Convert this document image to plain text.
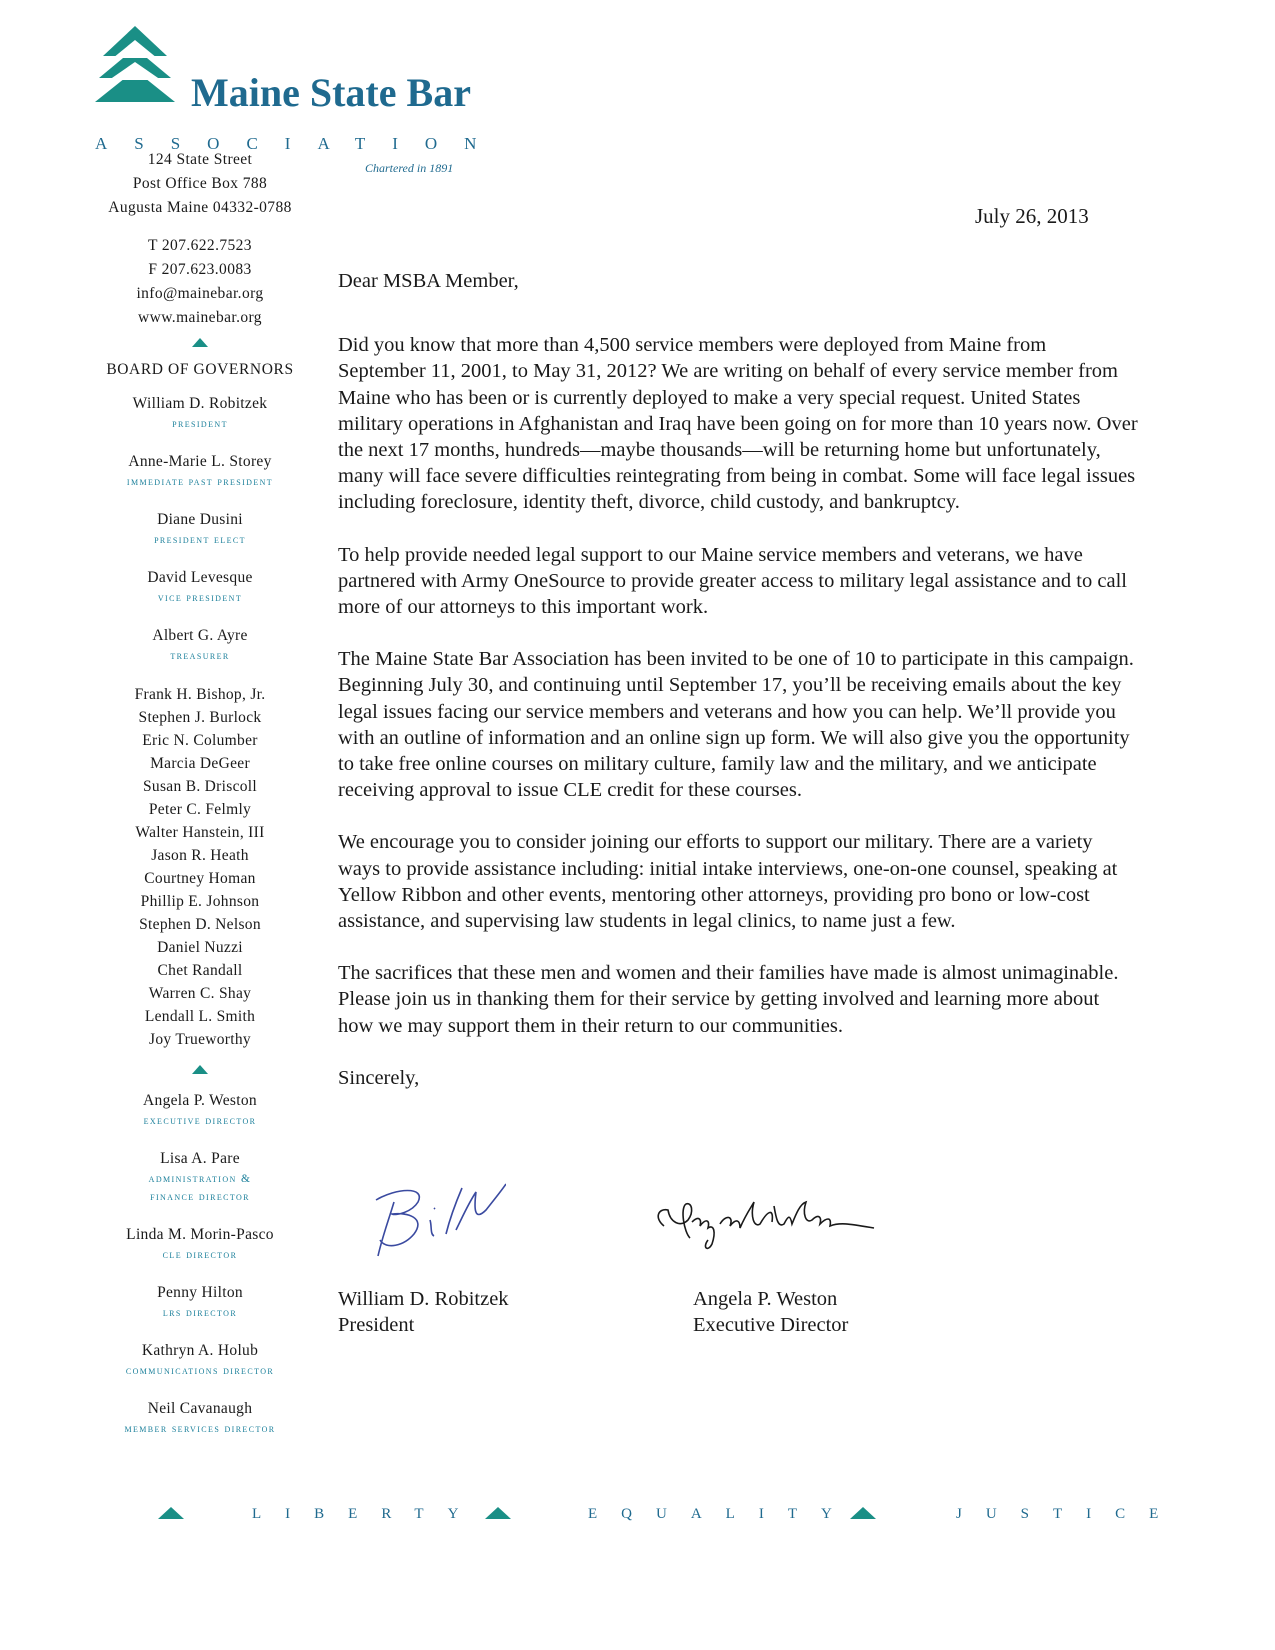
Maine State Bar
ASSOCIATION
Chartered in 1891
124 State Street
Post Office Box 788
Augusta Maine 04332-0788
T 207.622.7523
F 207.623.0083
info@mainebar.org
www.mainebar.org
BOARD OF GOVERNORS
William D. Robitzek
president
Anne-Marie L. Storey
immediate past president
Diane Dusini
president elect
David Levesque
vice president
Albert G. Ayre
treasurer
Frank H. Bishop, Jr.
Stephen J. Burlock
Eric N. Columber
Marcia DeGeer
Susan B. Driscoll
Peter C. Felmly
Walter Hanstein, III
Jason R. Heath
Courtney Homan
Phillip E. Johnson
Stephen D. Nelson
Daniel Nuzzi
Chet Randall
Warren C. Shay
Lendall L. Smith
Joy Trueworthy
Angela P. Weston
executive director
Lisa A. Pare
administration &
finance director
Linda M. Morin-Pasco
cle director
Penny Hilton
lrs director
Kathryn A. Holub
communications director
Neil Cavanaugh
member services director
July 26, 2013

Dear MSBA Member,

Did you know that more than 4,500 service members were deployed from Maine from September 11, 2001, to May 31, 2012? We are writing on behalf of every service member from Maine who has been or is currently deployed to make a very special request. United States military operations in Afghanistan and Iraq have been going on for more than 10 years now. Over the next 17 months, hundreds—maybe thousands—will be returning home but unfortunately, many will face severe difficulties reintegrating from being in combat. Some will face legal issues including foreclosure, identity theft, divorce, child custody, and bankruptcy.

To help provide needed legal support to our Maine service members and veterans, we have partnered with Army OneSource to provide greater access to military legal assistance and to call more of our attorneys to this important work.

The Maine State Bar Association has been invited to be one of 10 to participate in this campaign. Beginning July 30, and continuing until September 17, you’ll be receiving emails about the key legal issues facing our service members and veterans and how you can help. We’ll provide you with an outline of information and an online sign up form. We will also give you the opportunity to take free online courses on military culture, family law and the military, and we anticipate receiving approval to issue CLE credit for these courses.

We encourage you to consider joining our efforts to support our military. There are a variety ways to provide assistance including: initial intake interviews, one-on-one counsel, speaking at Yellow Ribbon and other events, mentoring other attorneys, providing pro bono or low-cost assistance, and supervising law students in legal clinics, to name just a few.

The sacrifices that these men and women and their families have made is almost unimaginable. Please join us in thanking them for their service by getting involved and learning more about how we may support them in their return to our communities.

Sincerely,

William D. Robitzek
President
Angela P. Weston
Executive Director
LIBERTY	EQUALITY	JUSTICE
